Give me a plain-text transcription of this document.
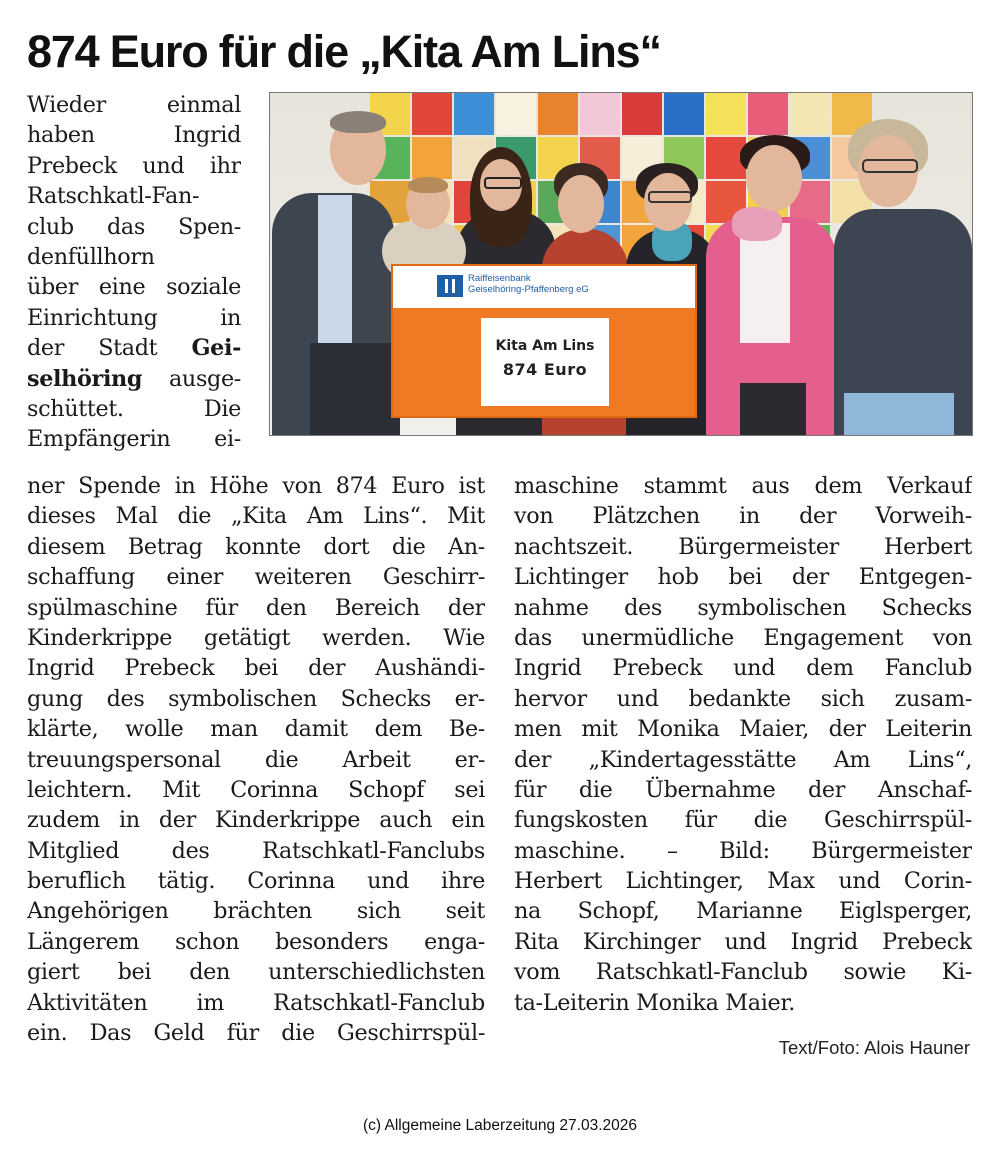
874 Euro für die „Kita Am Lins“
Wieder einmal
haben Ingrid
Prebeck und ihr
Ratschkatl-Fan-
club das Spen-
denfüllhorn
über eine soziale
Einrichtung in
der Stadt Gei-
selhöring ausge-
schüttet. Die
Empfängerin ei-
Raiffeisenbank
Geiselhöring-Pfaffenberg eG
Kita Am Lins
874 Euro
ner Spende in Höhe von 874 Euro ist
dieses Mal die „Kita Am Lins“. Mit
diesem Betrag konnte dort die An-
schaffung einer weiteren Geschirr-
spülmaschine für den Bereich der
Kinderkrippe getätigt werden. Wie
Ingrid Prebeck bei der Aushändi-
gung des symbolischen Schecks er-
klärte, wolle man damit dem Be-
treuungspersonal die Arbeit er-
leichtern. Mit Corinna Schopf sei
zudem in der Kinderkrippe auch ein
Mitglied des Ratschkatl-Fanclubs
beruflich tätig. Corinna und ihre
Angehörigen brächten sich seit
Längerem schon besonders enga-
giert bei den unterschiedlichsten
Aktivitäten im Ratschkatl-Fanclub
ein. Das Geld für die Geschirrspül-
maschine stammt aus dem Verkauf
von Plätzchen in der Vorweih-
nachtszeit. Bürgermeister Herbert
Lichtinger hob bei der Entgegen-
nahme des symbolischen Schecks
das unermüdliche Engagement von
Ingrid Prebeck und dem Fanclub
hervor und bedankte sich zusam-
men mit Monika Maier, der Leiterin
der „Kindertagesstätte Am Lins“,
für die Übernahme der Anschaf-
fungskosten für die Geschirrspül-
maschine. – Bild: Bürgermeister
Herbert Lichtinger, Max und Corin-
na Schopf, Marianne Eiglsperger,
Rita Kirchinger und Ingrid Prebeck
vom Ratschkatl-Fanclub sowie Ki-
ta-Leiterin Monika Maier.
Text/Foto: Alois Hauner
(c) Allgemeine Laberzeitung 27.03.2026
